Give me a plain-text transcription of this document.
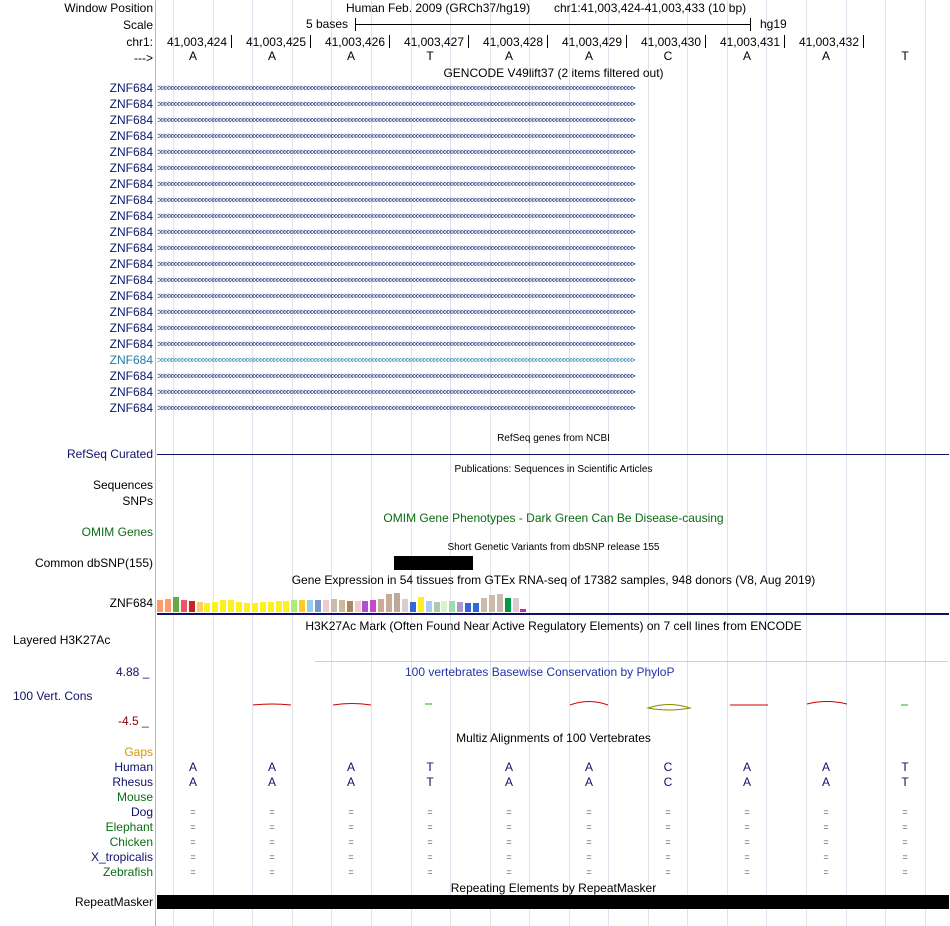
Window Position	Human Feb. 2009 (GRCh37/hg19) chr1:41,003,424-41,003,433 (10 bp)
Scale	5 bases	hg19
chr1:	41,003,424	41,003,425	41,003,426	41,003,427	41,003,428	41,003,429	41,003,430	41,003,431	41,003,432
--->	A	A	A	T	A	A	C	A	A	T
GENCODE V49lift37 (2 items filtered out)
ZNF684 >>>>>>>>>>>>>>>>>>>>>>>>>>>>>>>>>>>>>>>>>>>>>>>>>>>>>>>>>>>>>>>>>>>>>>>>>>>>>>>>>>>>>>>>>>>>>>>>>>>>>>>>>>>>>>>>>>>>>>>>>>>>>>>>>>>>>>>>>>>>
ZNF684 >>>>>>>>>>>>>>>>>>>>>>>>>>>>>>>>>>>>>>>>>>>>>>>>>>>>>>>>>>>>>>>>>>>>>>>>>>>>>>>>>>>>>>>>>>>>>>>>>>>>>>>>>>>>>>>>>>>>>>>>>>>>>>>>>>>>>>>>>>>>
ZNF684 >>>>>>>>>>>>>>>>>>>>>>>>>>>>>>>>>>>>>>>>>>>>>>>>>>>>>>>>>>>>>>>>>>>>>>>>>>>>>>>>>>>>>>>>>>>>>>>>>>>>>>>>>>>>>>>>>>>>>>>>>>>>>>>>>>>>>>>>>>>>
ZNF684 >>>>>>>>>>>>>>>>>>>>>>>>>>>>>>>>>>>>>>>>>>>>>>>>>>>>>>>>>>>>>>>>>>>>>>>>>>>>>>>>>>>>>>>>>>>>>>>>>>>>>>>>>>>>>>>>>>>>>>>>>>>>>>>>>>>>>>>>>>>>
ZNF684 >>>>>>>>>>>>>>>>>>>>>>>>>>>>>>>>>>>>>>>>>>>>>>>>>>>>>>>>>>>>>>>>>>>>>>>>>>>>>>>>>>>>>>>>>>>>>>>>>>>>>>>>>>>>>>>>>>>>>>>>>>>>>>>>>>>>>>>>>>>>
ZNF684 >>>>>>>>>>>>>>>>>>>>>>>>>>>>>>>>>>>>>>>>>>>>>>>>>>>>>>>>>>>>>>>>>>>>>>>>>>>>>>>>>>>>>>>>>>>>>>>>>>>>>>>>>>>>>>>>>>>>>>>>>>>>>>>>>>>>>>>>>>>>
ZNF684 >>>>>>>>>>>>>>>>>>>>>>>>>>>>>>>>>>>>>>>>>>>>>>>>>>>>>>>>>>>>>>>>>>>>>>>>>>>>>>>>>>>>>>>>>>>>>>>>>>>>>>>>>>>>>>>>>>>>>>>>>>>>>>>>>>>>>>>>>>>>
ZNF684 >>>>>>>>>>>>>>>>>>>>>>>>>>>>>>>>>>>>>>>>>>>>>>>>>>>>>>>>>>>>>>>>>>>>>>>>>>>>>>>>>>>>>>>>>>>>>>>>>>>>>>>>>>>>>>>>>>>>>>>>>>>>>>>>>>>>>>>>>>>>
ZNF684 >>>>>>>>>>>>>>>>>>>>>>>>>>>>>>>>>>>>>>>>>>>>>>>>>>>>>>>>>>>>>>>>>>>>>>>>>>>>>>>>>>>>>>>>>>>>>>>>>>>>>>>>>>>>>>>>>>>>>>>>>>>>>>>>>>>>>>>>>>>>
ZNF684 >>>>>>>>>>>>>>>>>>>>>>>>>>>>>>>>>>>>>>>>>>>>>>>>>>>>>>>>>>>>>>>>>>>>>>>>>>>>>>>>>>>>>>>>>>>>>>>>>>>>>>>>>>>>>>>>>>>>>>>>>>>>>>>>>>>>>>>>>>>>
ZNF684 >>>>>>>>>>>>>>>>>>>>>>>>>>>>>>>>>>>>>>>>>>>>>>>>>>>>>>>>>>>>>>>>>>>>>>>>>>>>>>>>>>>>>>>>>>>>>>>>>>>>>>>>>>>>>>>>>>>>>>>>>>>>>>>>>>>>>>>>>>>>
ZNF684 >>>>>>>>>>>>>>>>>>>>>>>>>>>>>>>>>>>>>>>>>>>>>>>>>>>>>>>>>>>>>>>>>>>>>>>>>>>>>>>>>>>>>>>>>>>>>>>>>>>>>>>>>>>>>>>>>>>>>>>>>>>>>>>>>>>>>>>>>>>>
ZNF684 >>>>>>>>>>>>>>>>>>>>>>>>>>>>>>>>>>>>>>>>>>>>>>>>>>>>>>>>>>>>>>>>>>>>>>>>>>>>>>>>>>>>>>>>>>>>>>>>>>>>>>>>>>>>>>>>>>>>>>>>>>>>>>>>>>>>>>>>>>>>
ZNF684 >>>>>>>>>>>>>>>>>>>>>>>>>>>>>>>>>>>>>>>>>>>>>>>>>>>>>>>>>>>>>>>>>>>>>>>>>>>>>>>>>>>>>>>>>>>>>>>>>>>>>>>>>>>>>>>>>>>>>>>>>>>>>>>>>>>>>>>>>>>>
ZNF684 >>>>>>>>>>>>>>>>>>>>>>>>>>>>>>>>>>>>>>>>>>>>>>>>>>>>>>>>>>>>>>>>>>>>>>>>>>>>>>>>>>>>>>>>>>>>>>>>>>>>>>>>>>>>>>>>>>>>>>>>>>>>>>>>>>>>>>>>>>>>
ZNF684 >>>>>>>>>>>>>>>>>>>>>>>>>>>>>>>>>>>>>>>>>>>>>>>>>>>>>>>>>>>>>>>>>>>>>>>>>>>>>>>>>>>>>>>>>>>>>>>>>>>>>>>>>>>>>>>>>>>>>>>>>>>>>>>>>>>>>>>>>>>>
ZNF684 >>>>>>>>>>>>>>>>>>>>>>>>>>>>>>>>>>>>>>>>>>>>>>>>>>>>>>>>>>>>>>>>>>>>>>>>>>>>>>>>>>>>>>>>>>>>>>>>>>>>>>>>>>>>>>>>>>>>>>>>>>>>>>>>>>>>>>>>>>>>
ZNF684 >>>>>>>>>>>>>>>>>>>>>>>>>>>>>>>>>>>>>>>>>>>>>>>>>>>>>>>>>>>>>>>>>>>>>>>>>>>>>>>>>>>>>>>>>>>>>>>>>>>>>>>>>>>>>>>>>>>>>>>>>>>>>>>>>>>>>>>>>>>>
ZNF684 >>>>>>>>>>>>>>>>>>>>>>>>>>>>>>>>>>>>>>>>>>>>>>>>>>>>>>>>>>>>>>>>>>>>>>>>>>>>>>>>>>>>>>>>>>>>>>>>>>>>>>>>>>>>>>>>>>>>>>>>>>>>>>>>>>>>>>>>>>>>
ZNF684 >>>>>>>>>>>>>>>>>>>>>>>>>>>>>>>>>>>>>>>>>>>>>>>>>>>>>>>>>>>>>>>>>>>>>>>>>>>>>>>>>>>>>>>>>>>>>>>>>>>>>>>>>>>>>>>>>>>>>>>>>>>>>>>>>>>>>>>>>>>>
ZNF684 >>>>>>>>>>>>>>>>>>>>>>>>>>>>>>>>>>>>>>>>>>>>>>>>>>>>>>>>>>>>>>>>>>>>>>>>>>>>>>>>>>>>>>>>>>>>>>>>>>>>>>>>>>>>>>>>>>>>>>>>>>>>>>>>>>>>>>>>>>>>
RefSeq genes from NCBI
RefSeq Curated
Publications: Sequences in Scientific Articles
Sequences
SNPs
OMIM Gene Phenotypes - Dark Green Can Be Disease-causing
OMIM Genes
Short Genetic Variants from dbSNP release 155
Common dbSNP(155)
Gene Expression in 54 tissues from GTEx RNA-seq of 17382 samples, 948 donors (V8, Aug 2019)
ZNF684
H3K27Ac Mark (Often Found Near Active Regulatory Elements) on 7 cell lines from ENCODE
Layered H3K27Ac
100 vertebrates Basewise Conservation by PhyloP
4.88 _
100 Vert. Cons
-4.5 _
Multiz Alignments of 100 Vertebrates
Gaps
Human	A	A	A	T	A	A	C	A	A	T
Rhesus	A	A	A	T	A	A	C	A	A	T
Mouse
Dog	=	=	=	=	=	=	=	=	=	=
Elephant	=	=	=	=	=	=	=	=	=	=
Chicken	=	=	=	=	=	=	=	=	=	=
X_tropicalis	=	=	=	=	=	=	=	=	=	=
Zebrafish	=	=	=	=	=	=	=	=	=	=
Repeating Elements by RepeatMasker
RepeatMasker
